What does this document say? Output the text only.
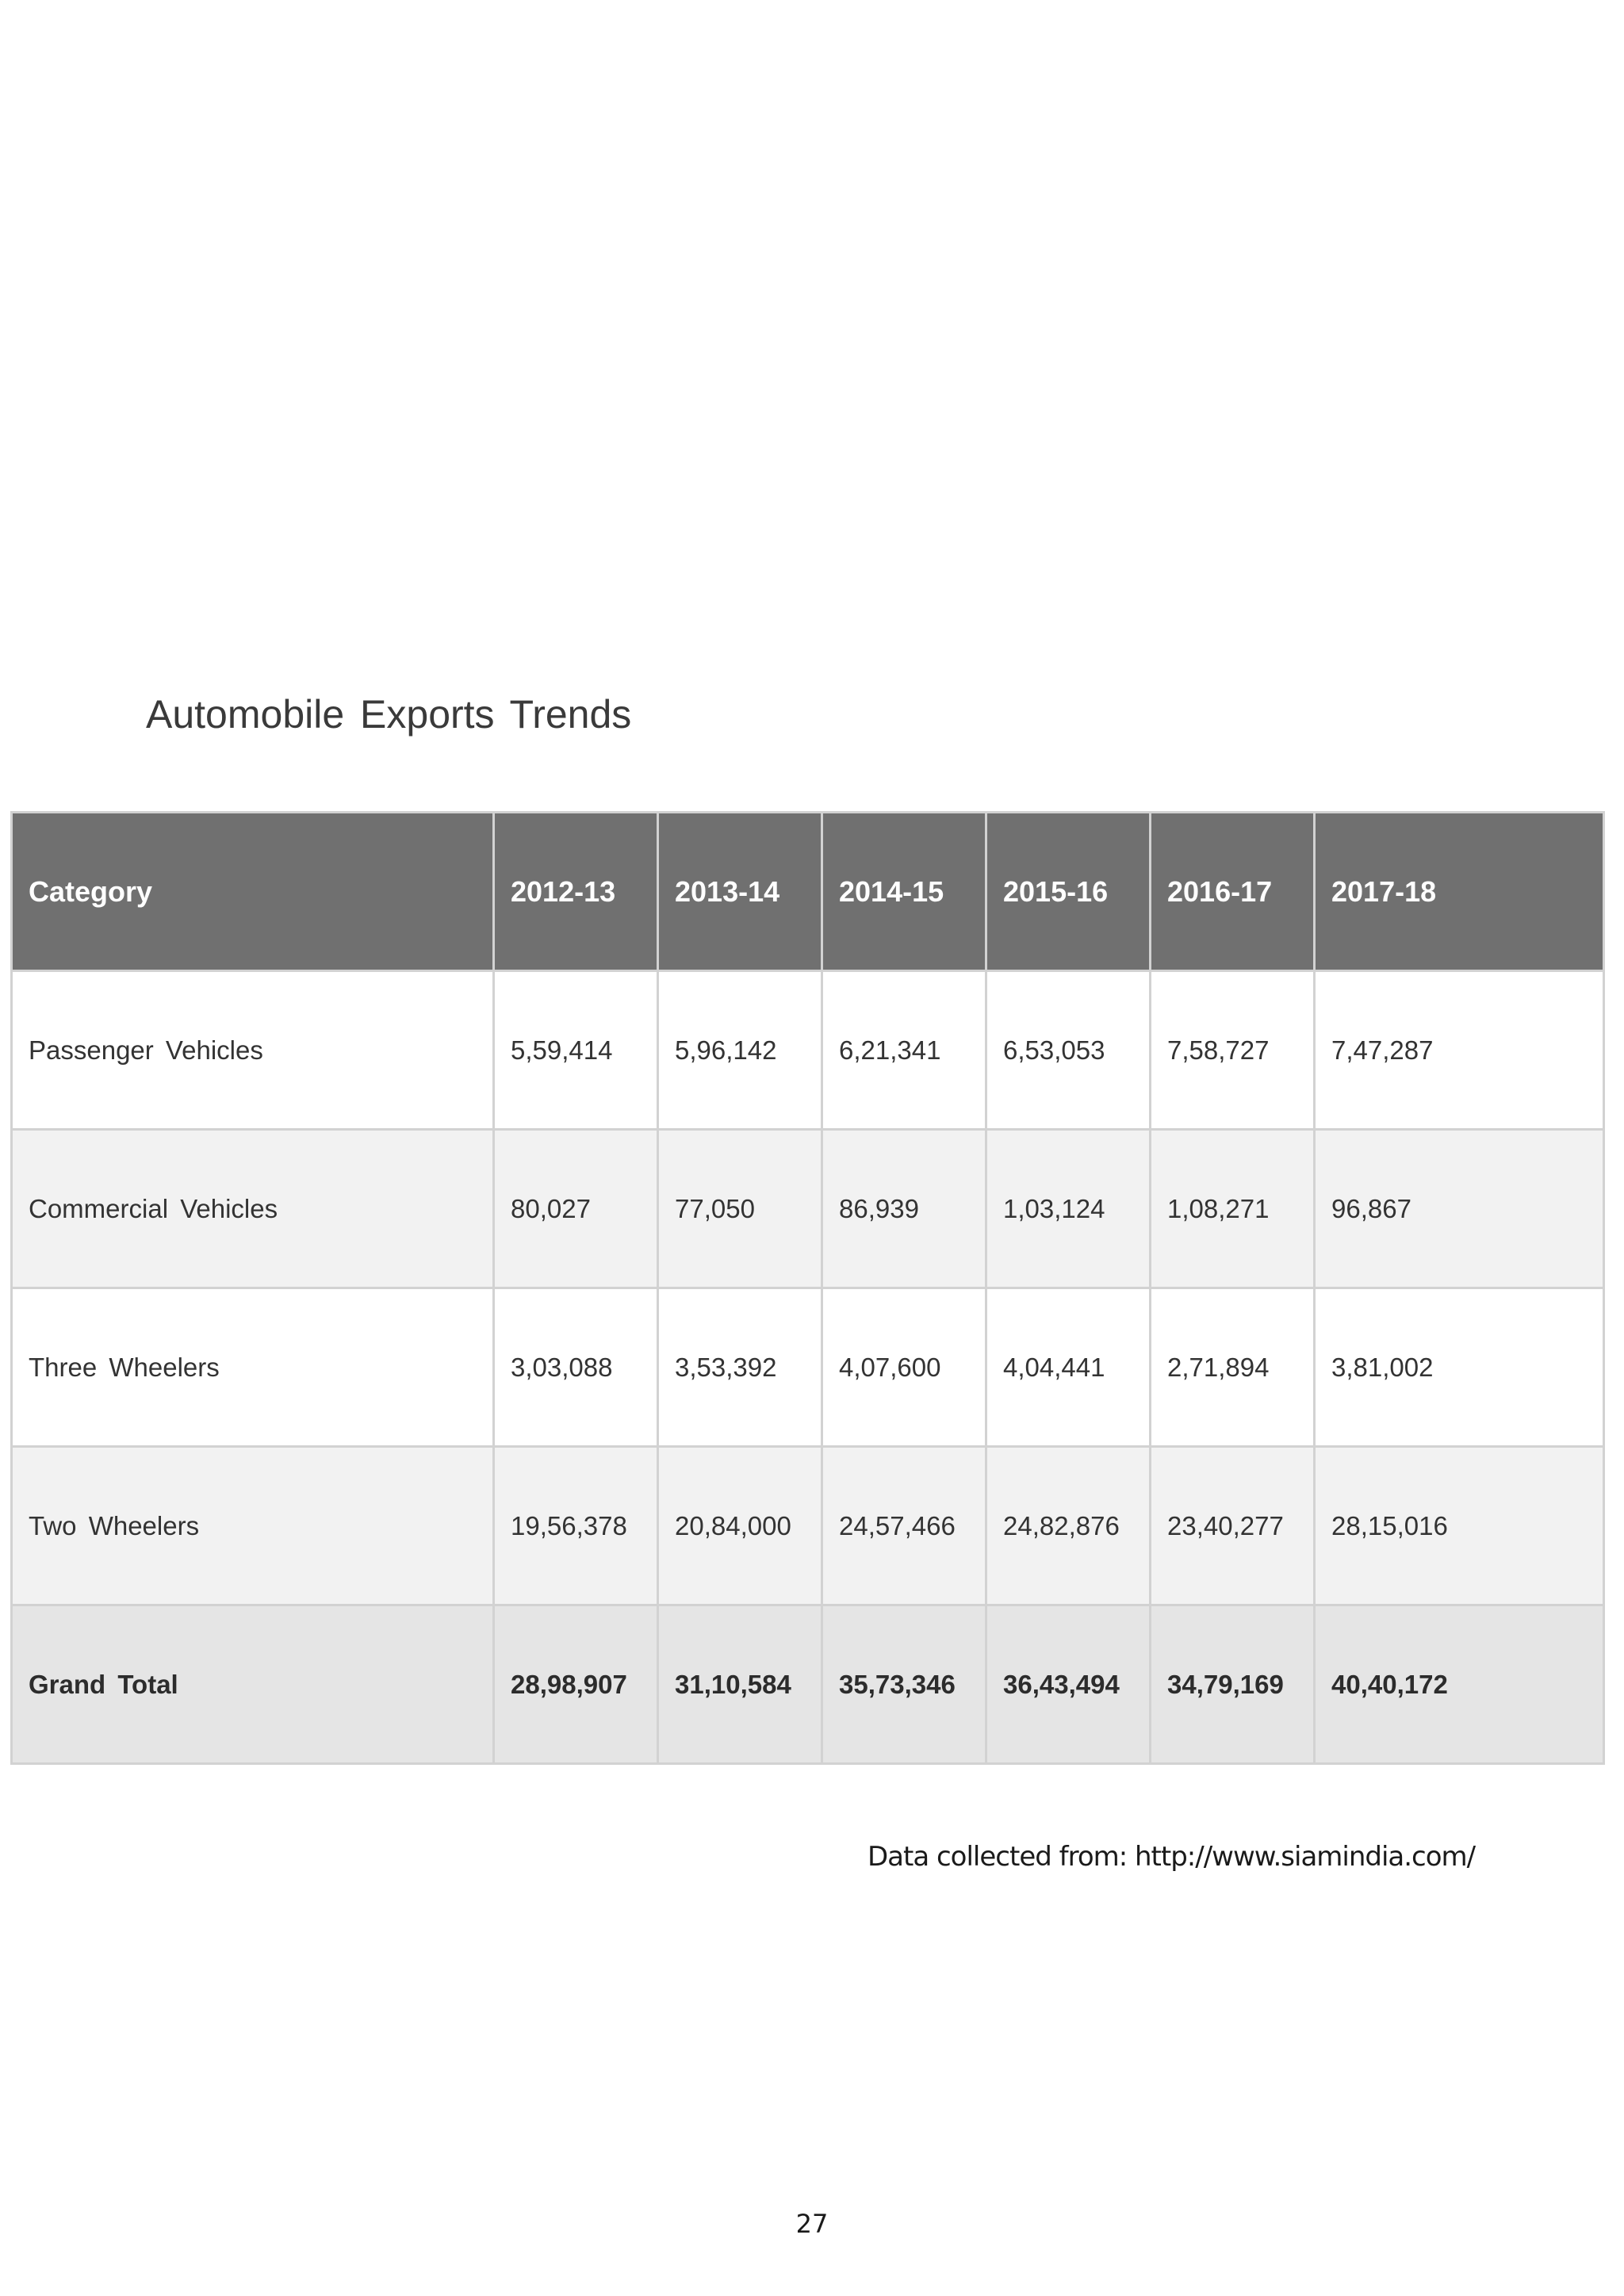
Automobile Exports Trends
Category	2012-13	2013-14	2014-15	2015-16	2016-17	2017-18
Passenger Vehicles	5,59,414	5,96,142	6,21,341	6,53,053	7,58,727	7,47,287
Commercial Vehicles	80,027	77,050	86,939	1,03,124	1,08,271	96,867
Three Wheelers	3,03,088	3,53,392	4,07,600	4,04,441	2,71,894	3,81,002
Two Wheelers	19,56,378	20,84,000	24,57,466	24,82,876	23,40,277	28,15,016
Grand Total	28,98,907	31,10,584	35,73,346	36,43,494	34,79,169	40,40,172

Data collected from: http://www.siamindia.com/

27
